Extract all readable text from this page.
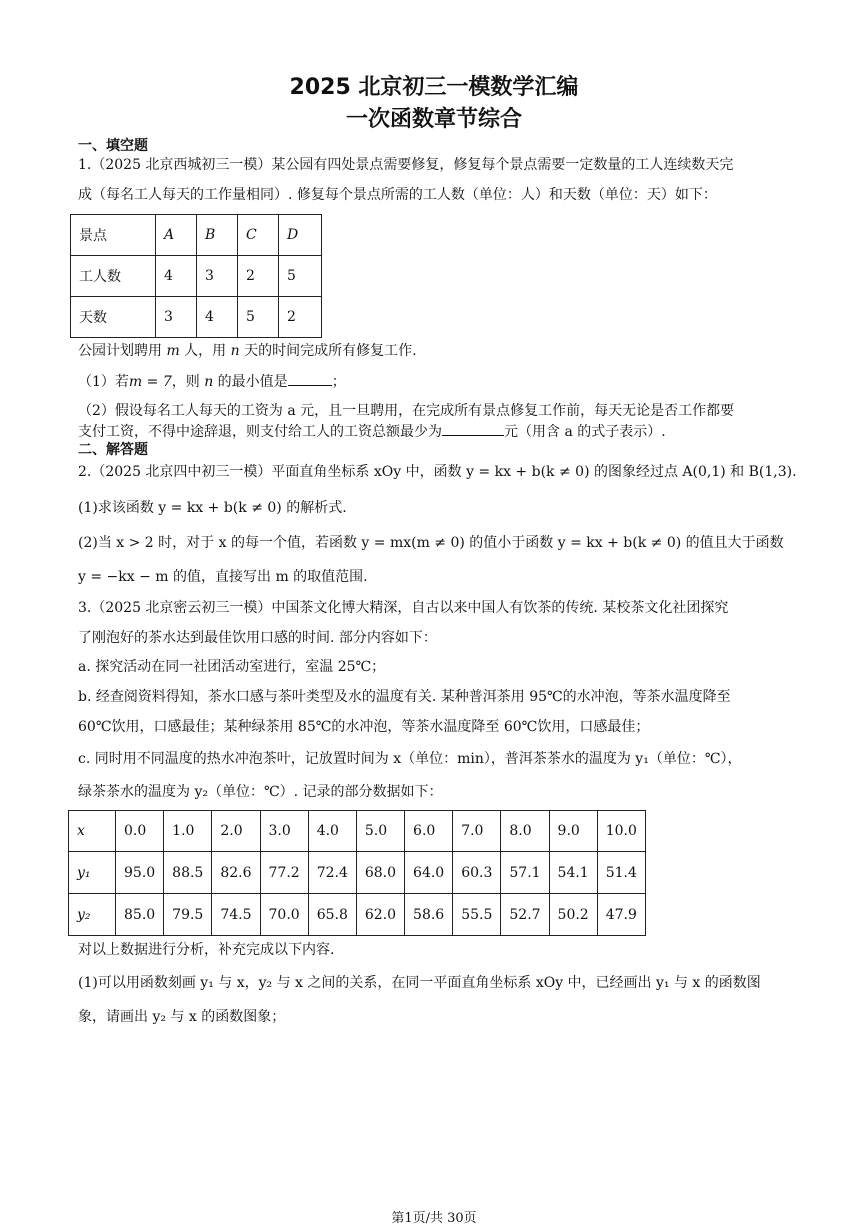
2025 北京初三一模数学汇编
一次函数章节综合
一、填空题
1.（2025 北京西城初三一模）某公园有四处景点需要修复，修复每个景点需要一定数量的工人连续数天完
成（每名工人每天的工作量相同）. 修复每个景点所需的工人数（单位：人）和天数（单位：天）如下：
景点	A	B	C	D
工人数	4	3	2	5
天数	3	4	5	2
公园计划聘用 m 人，用 n 天的时间完成所有修复工作.
（1）若m = 7，则 n 的最小值是	；
（2）假设每名工人每天的工资为 a 元，且一旦聘用，在完成所有景点修复工作前，每天无论是否工作都要
支付工资，不得中途辞退，则支付给工人的工资总额最少为	元（用含 a 的式子表示）.
二、解答题
2.（2025 北京四中初三一模）平面直角坐标系 xOy 中，函数 y = kx + b(k ≠ 0) 的图象经过点 A(0,1) 和 B(1,3).
(1)求该函数 y = kx + b(k ≠ 0) 的解析式.
(2)当 x > 2 时，对于 x 的每一个值，若函数 y = mx(m ≠ 0) 的值小于函数 y = kx + b(k ≠ 0) 的值且大于函数
y = −kx − m 的值，直接写出 m 的取值范围.
3.（2025 北京密云初三一模）中国茶文化博大精深，自古以来中国人有饮茶的传统. 某校茶文化社团探究
了刚泡好的茶水达到最佳饮用口感的时间. 部分内容如下：
a. 探究活动在同一社团活动室进行，室温 25℃；
b. 经查阅资料得知，茶水口感与茶叶类型及水的温度有关. 某种普洱茶用 95℃的水冲泡，等茶水温度降至
60℃饮用，口感最佳；某种绿茶用 85℃的水冲泡，等茶水温度降至 60℃饮用，口感最佳；
c. 同时用不同温度的热水冲泡茶叶，记放置时间为 x（单位：min），普洱茶茶水的温度为 y₁（单位：℃），
绿茶茶水的温度为 y₂（单位：℃）. 记录的部分数据如下：
x	0.0	1.0	2.0	3.0	4.0	5.0	6.0	7.0	8.0	9.0	10.0
y₁	95.0	88.5	82.6	77.2	72.4	68.0	64.0	60.3	57.1	54.1	51.4
y₂	85.0	79.5	74.5	70.0	65.8	62.0	58.6	55.5	52.7	50.2	47.9
对以上数据进行分析，补充完成以下内容.
(1)可以用函数刻画 y₁ 与 x，y₂ 与 x 之间的关系，在同一平面直角坐标系 xOy 中，已经画出 y₁ 与 x 的函数图
象，请画出 y₂ 与 x 的函数图象；
第1页/共 30页
